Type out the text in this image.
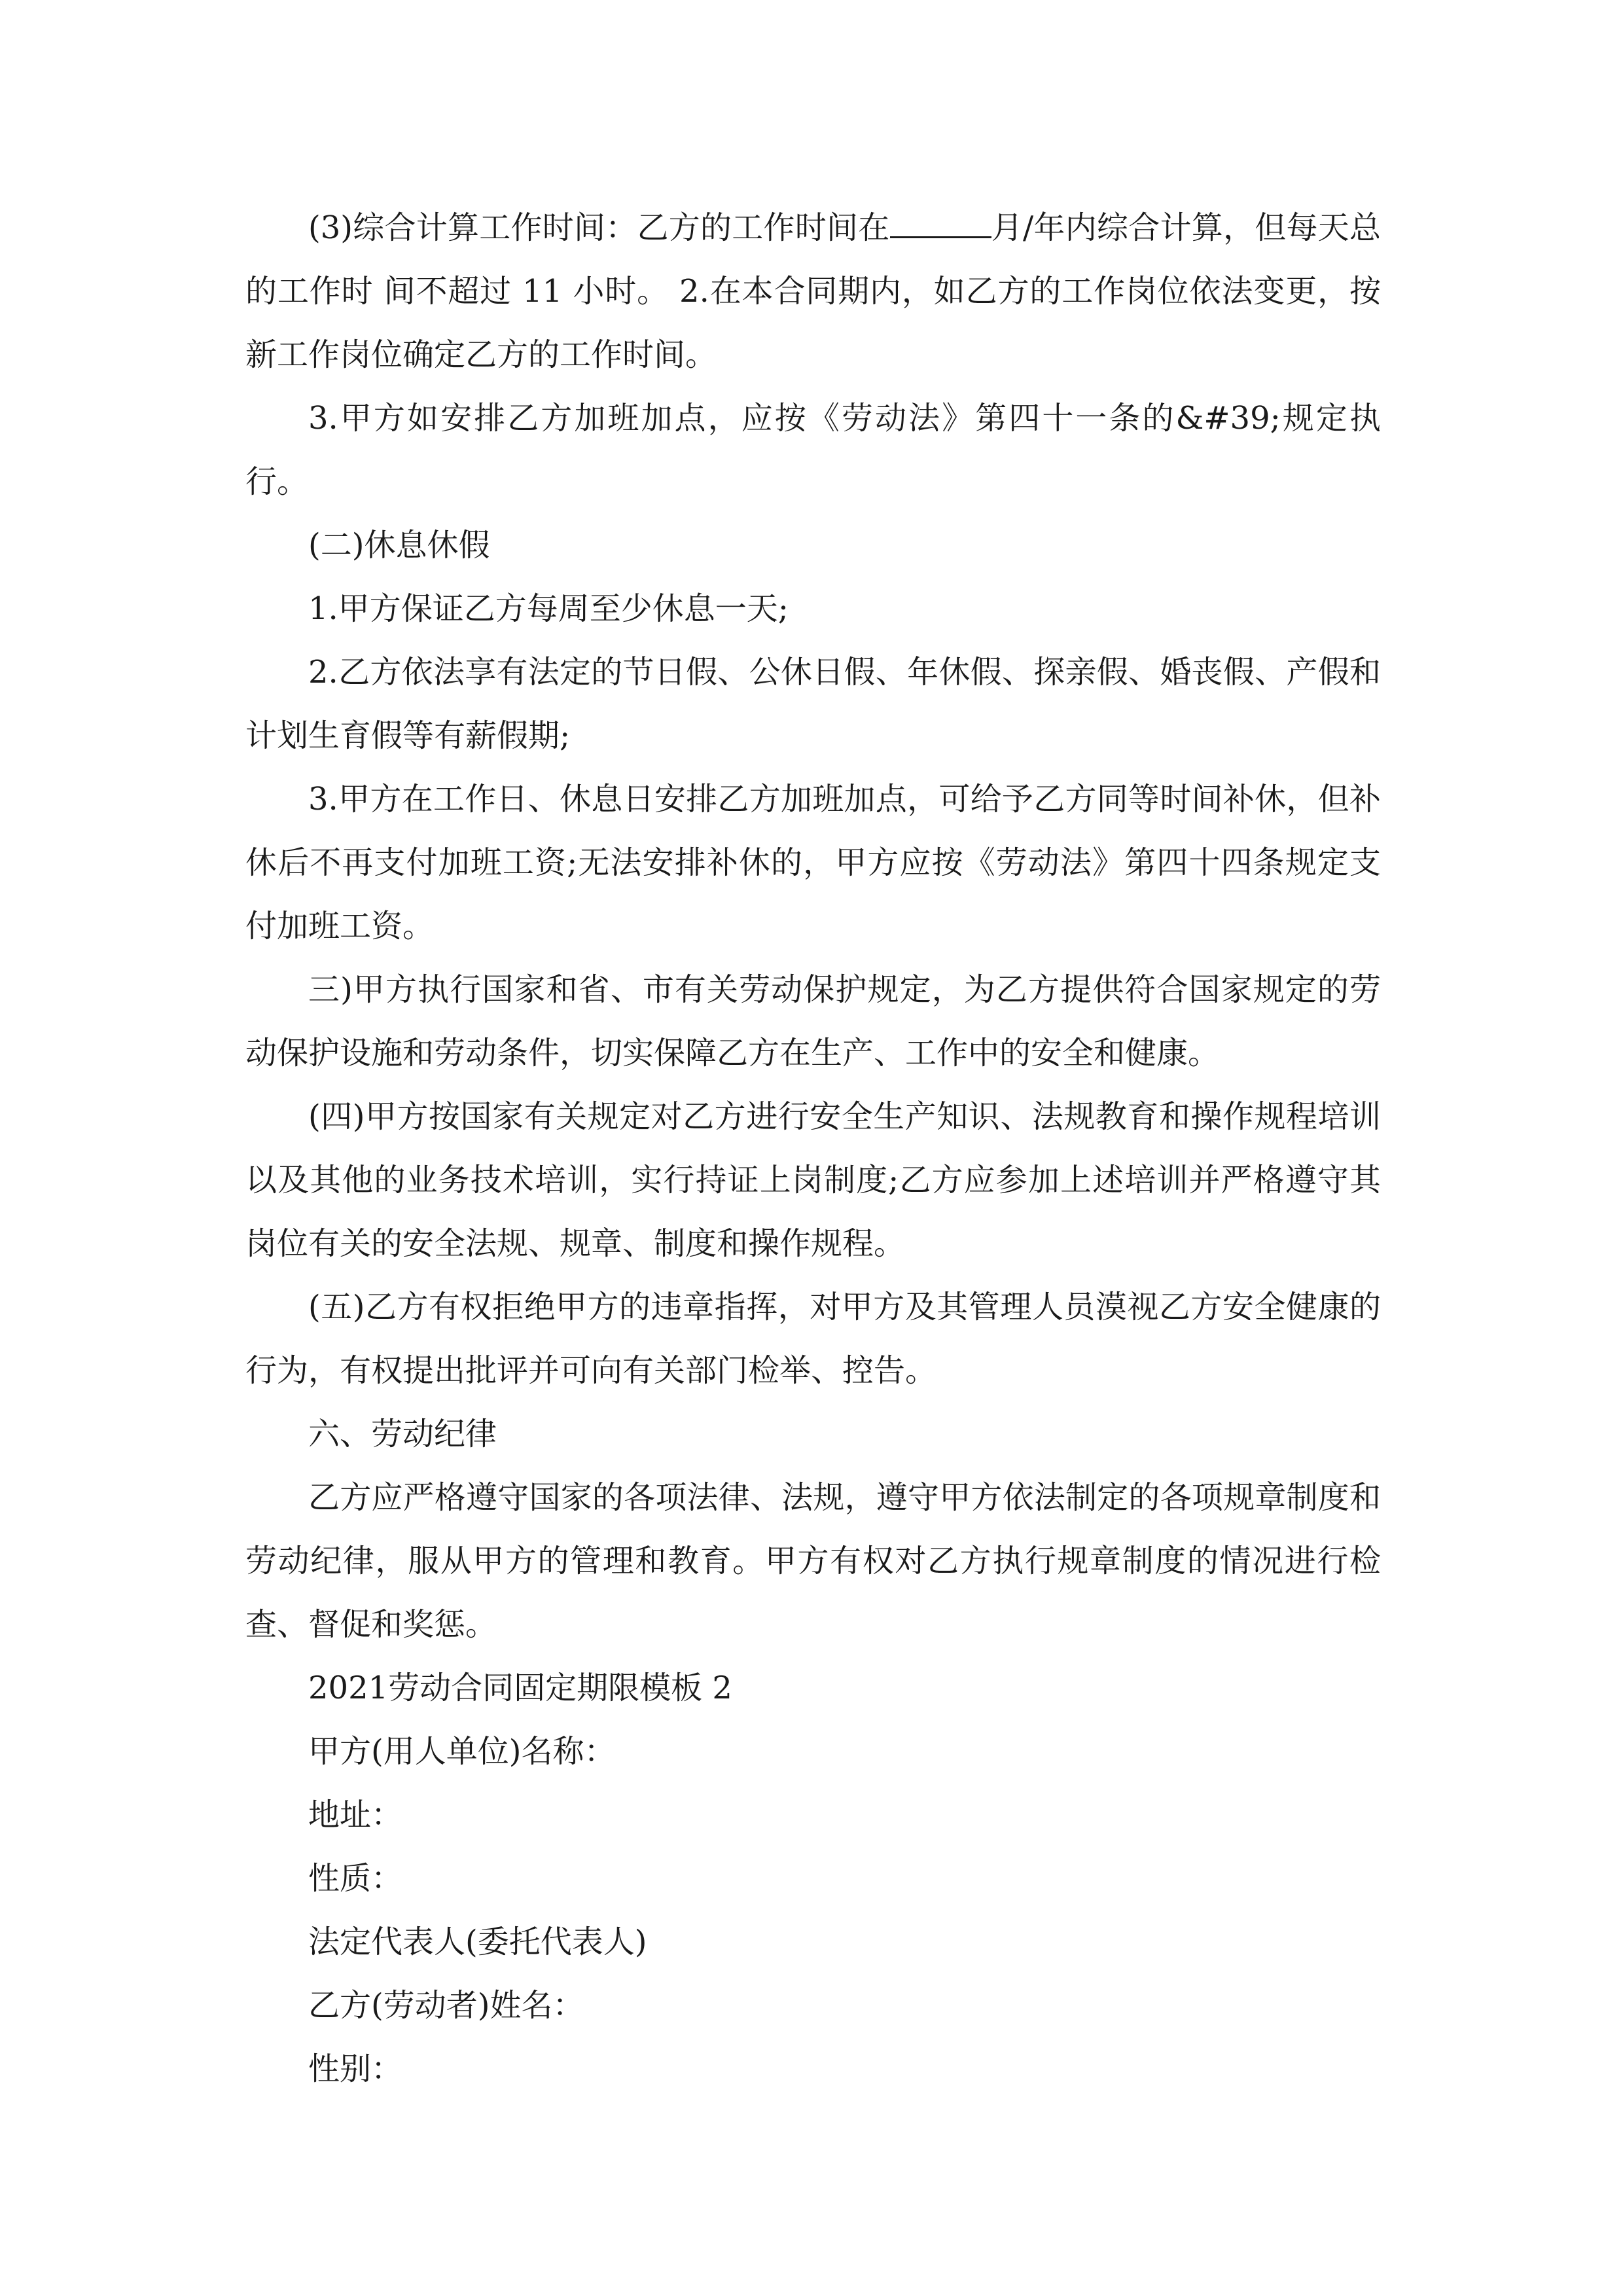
(3)综合计算工作时间：乙方的工作时间在	月/年内综合计算，但每天总的工作时 间不超过 11 小时。 2.在本合同期内，如乙方的工作岗位依法变更，按新工作岗位确定乙方的工作时间。

3.甲方如安排乙方加班加点，应按《劳动法》第四十一条的&#39;规定执行。

(二)休息休假

1.甲方保证乙方每周至少休息一天;

2.乙方依法享有法定的节日假、公休日假、年休假、探亲假、婚丧假、产假和计划生育假等有薪假期;

3.甲方在工作日、休息日安排乙方加班加点，可给予乙方同等时间补休，但补休后不再支付加班工资;无法安排补休的，甲方应按《劳动法》第四十四条规定支付加班工资。

三)甲方执行国家和省、市有关劳动保护规定，为乙方提供符合国家规定的劳动保护设施和劳动条件，切实保障乙方在生产、工作中的安全和健康。

(四)甲方按国家有关规定对乙方进行安全生产知识、法规教育和操作规程培训以及其他的业务技术培训，实行持证上岗制度;乙方应参加上述培训并严格遵守其岗位有关的安全法规、规章、制度和操作规程。

(五)乙方有权拒绝甲方的违章指挥，对甲方及其管理人员漠视乙方安全健康的行为，有权提出批评并可向有关部门检举、控告。

六、劳动纪律

乙方应严格遵守国家的各项法律、法规，遵守甲方依法制定的各项规章制度和劳动纪律，服从甲方的管理和教育。甲方有权对乙方执行规章制度的情况进行检查、督促和奖惩。

2021劳动合同固定期限模板 2

甲方(用人单位)名称：

地址：

性质：

法定代表人(委托代表人)

乙方(劳动者)姓名：

性别：
